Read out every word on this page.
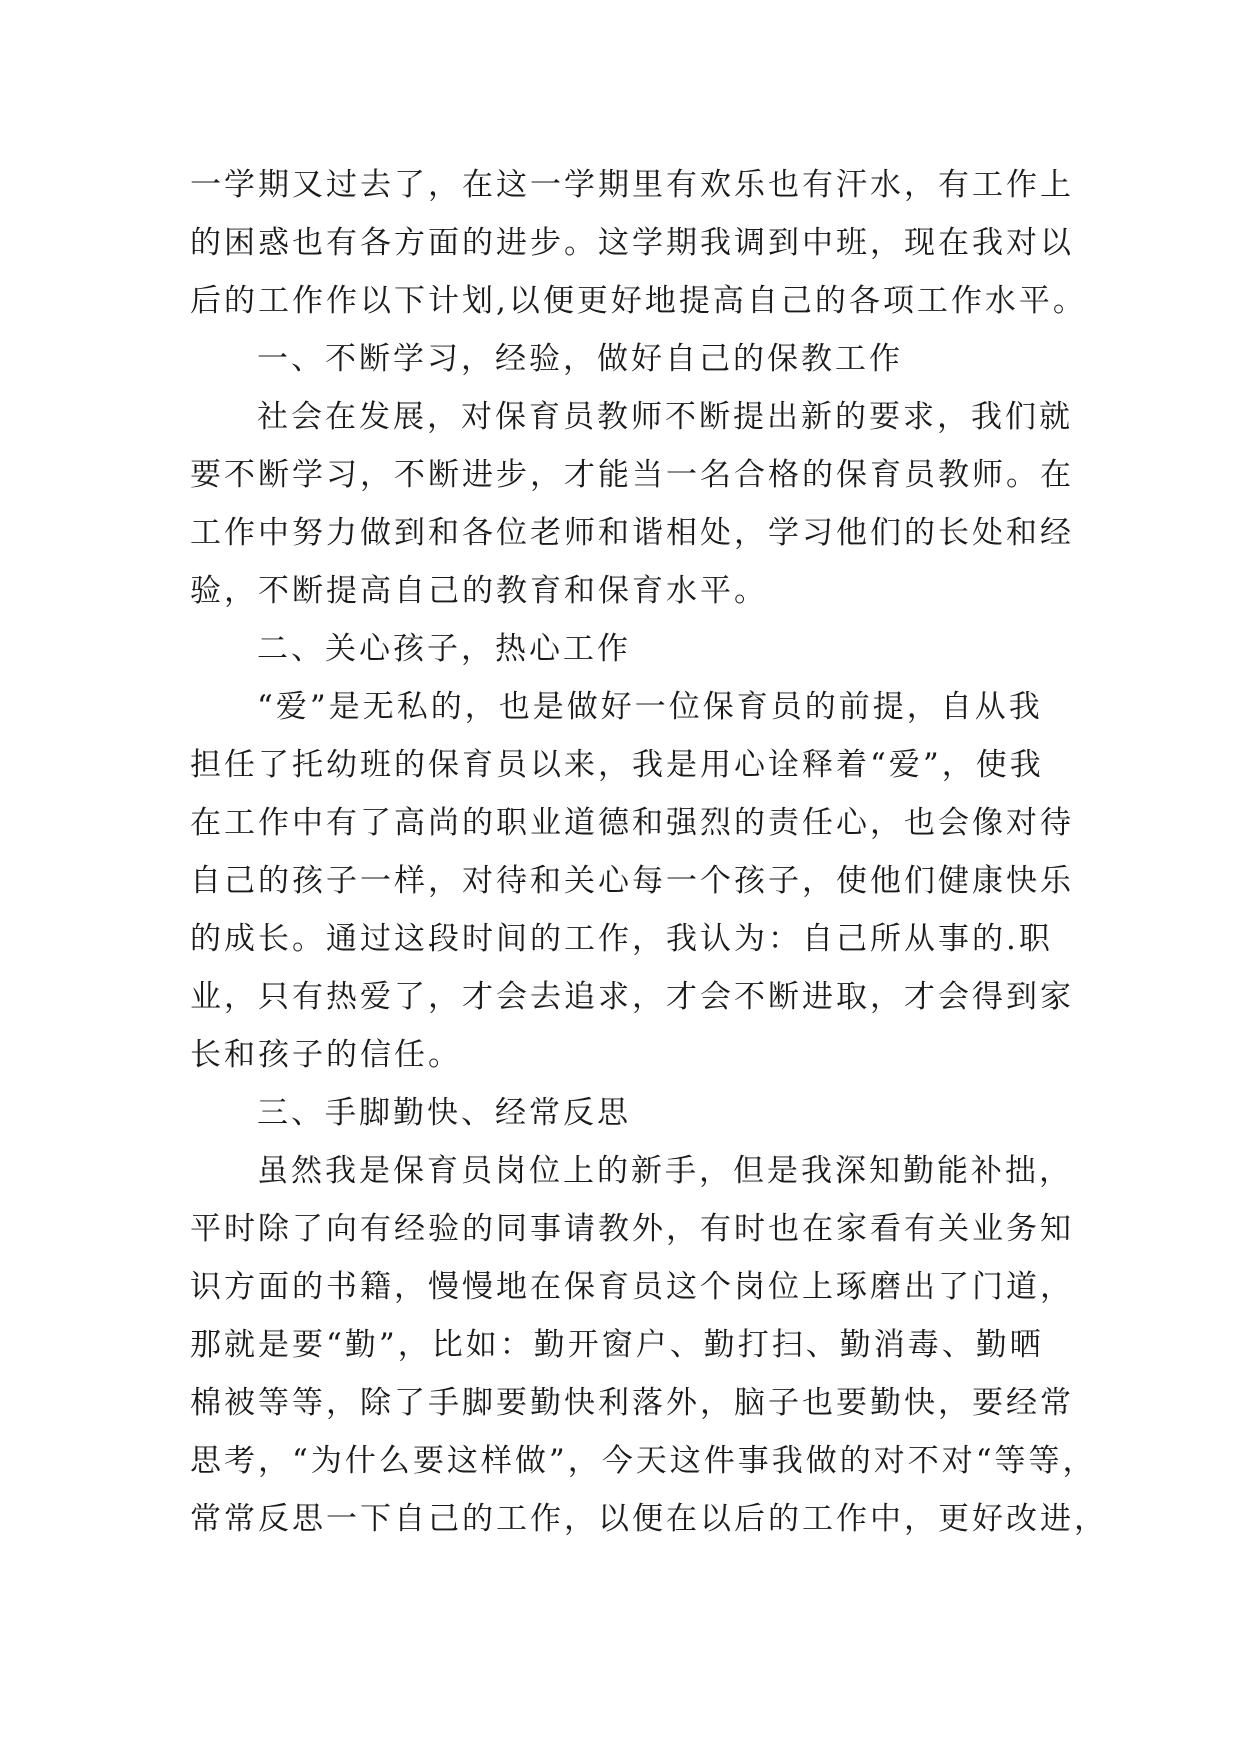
一学期又过去了，在这一学期里有欢乐也有汗水，有工作上
的困惑也有各方面的进步。这学期我调到中班，现在我对以
后的工作作以下计划,以便更好地提高自己的各项工作水平。
一、不断学习，经验，做好自己的保教工作
社会在发展，对保育员教师不断提出新的要求，我们就
要不断学习，不断进步，才能当一名合格的保育员教师。在
工作中努力做到和各位老师和谐相处，学习他们的长处和经
验，不断提高自己的教育和保育水平。
二、关心孩子，热心工作
“爱”是无私的，也是做好一位保育员的前提，自从我
担任了托幼班的保育员以来，我是用心诠释着“爱”，使我
在工作中有了高尚的职业道德和强烈的责任心，也会像对待
自己的孩子一样，对待和关心每一个孩子，使他们健康快乐
的成长。通过这段时间的工作，我认为：自己所从事的.职
业，只有热爱了，才会去追求，才会不断进取，才会得到家
长和孩子的信任。
三、手脚勤快、经常反思
虽然我是保育员岗位上的新手，但是我深知勤能补拙，
平时除了向有经验的同事请教外，有时也在家看有关业务知
识方面的书籍，慢慢地在保育员这个岗位上琢磨出了门道，
那就是要“勤”，比如：勤开窗户、勤打扫、勤消毒、勤晒
棉被等等，除了手脚要勤快利落外，脑子也要勤快，要经常
思考，“为什么要这样做”，今天这件事我做的对不对“等等，
常常反思一下自己的工作，以便在以后的工作中，更好改进，
